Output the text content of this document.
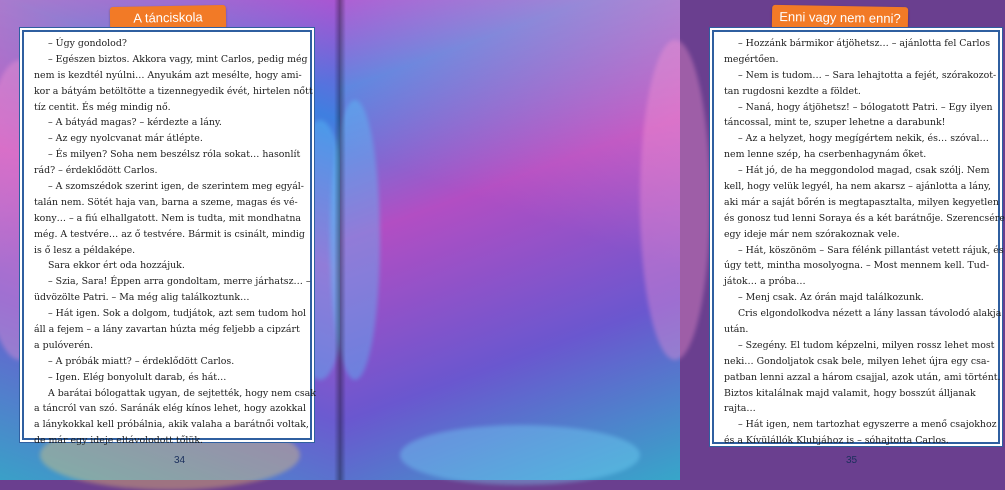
A tánciskola
– Úgy gondolod?
– Egészen biztos. Akkora vagy, mint Carlos, pedig még
nem is kezdtél nyúlni… Anyukám azt mesélte, hogy ami-
kor a bátyám betöltötte a tizennegyedik évét, hirtelen nőtt
tíz centit. És még mindig nő.
– A bátyád magas? – kérdezte a lány.
– Az egy nyolcvanat már átlépte.
– És milyen? Soha nem beszélsz róla sokat… hasonlít
rád? – érdeklődött Carlos.
– A szomszédok szerint igen, de szerintem meg egyál-
talán nem. Sötét haja van, barna a szeme, magas és vé-
kony… – a fiú elhallgatott. Nem is tudta, mit mondhatna
még. A testvére… az ő testvére. Bármit is csinált, mindig
is ő lesz a példaképe.
Sara ekkor ért oda hozzájuk.
– Szia, Sara! Éppen arra gondoltam, merre járhatsz… –
üdvözölte Patri. – Ma még alig találkoztunk…
– Hát igen. Sok a dolgom, tudjátok, azt sem tudom hol
áll a fejem – a lány zavartan húzta még feljebb a cipzárt
a pulóverén.
– A próbák miatt? – érdeklődött Carlos.
– Igen. Elég bonyolult darab, és hát…
A barátai bólogattak ugyan, de sejtették, hogy nem csak
a táncról van szó. Saránák elég kínos lehet, hogy azokkal
a lánykokkal kell próbálnia, akik valaha a barátnői voltak,
de már egy ideje eltávolodott tőlük.
34
Enni vagy nem enni?
– Hozzánk bármikor átjöhetsz… – ajánlotta fel Carlos
megértően.
– Nem is tudom… – Sara lehajtotta a fejét, szórakozot-
tan rugdosni kezdte a földet.
– Naná, hogy átjöhetsz! – bólogatott Patri. – Egy ilyen
táncossal, mint te, szuper lehetne a darabunk!
– Az a helyzet, hogy megígértem nekik, és… szóval…
nem lenne szép, ha cserbenhagynám őket.
– Hát jó, de ha meggondolod magad, csak szólj. Nem
kell, hogy velük legyél, ha nem akarsz – ajánlotta a lány,
aki már a saját bőrén is megtapasztalta, milyen kegyetlen
és gonosz tud lenni Soraya és a két barátnője. Szerencsére
egy ideje már nem szórakoznak vele.
– Hát, köszönöm – Sara félénk pillantást vetett rájuk, és
úgy tett, mintha mosolyogna. – Most mennem kell. Tud-
játok… a próba…
– Menj csak. Az órán majd találkozunk.
Cris elgondolkodva nézett a lány lassan távolodó alakja
után.
– Szegény. El tudom képzelni, milyen rossz lehet most
neki… Gondoljatok csak bele, milyen lehet újra egy csa-
patban lenni azzal a három csajjal, azok után, ami történt.
Biztos kitalálnak majd valamit, hogy bosszút álljanak
rajta…
– Hát igen, nem tartozhat egyszerre a menő csajokhoz
és a Kívülállók Klubjához is – sóhajtotta Carlos.
35
